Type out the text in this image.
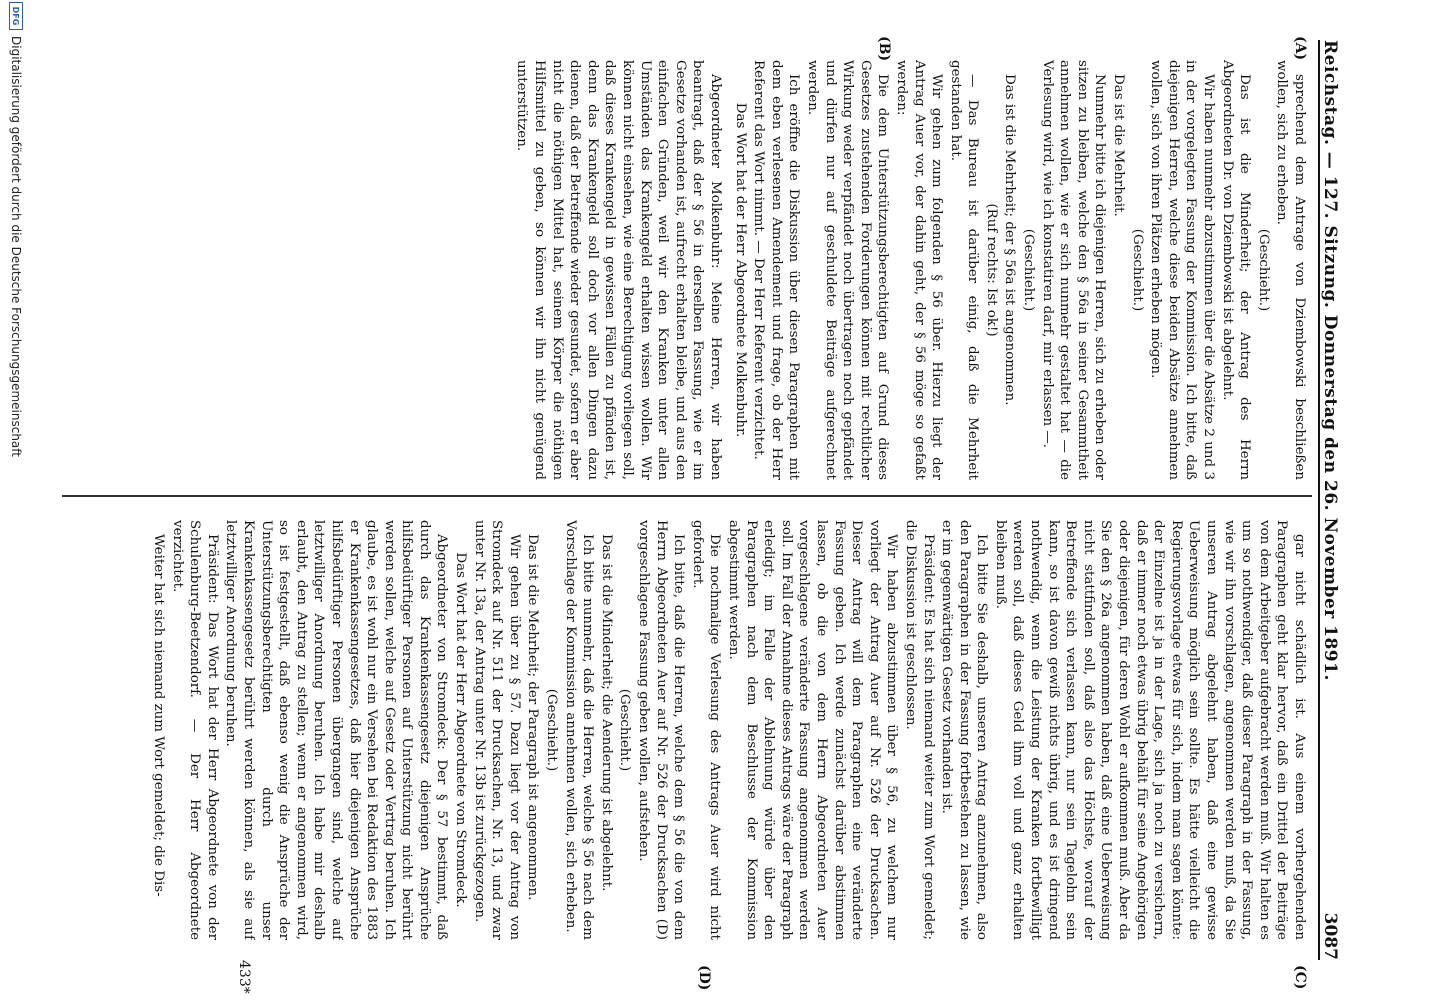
Reichstag. — 127. Sitzung. Donnerstag den 26. November 1891.
3087
(A)
(B)
(C)
(D)

sprechend dem Antrage von Dziembowski beschließen wollen, sich zu erheben.

(Geschieht.)

Das ist die Minderheit; der Antrag des Herrn Abgeordneten Dr. von Dziembowski ist abgelehnt.

Wir haben nunmehr abzustimmen über die Absätze 2 und 3 in der vorgelegten Fassung der Kommission. Ich bitte, daß diejenigen Herren, welche diese beiden Absätze annehmen wollen, sich von ihren Plätzen erheben mögen.

(Geschieht.)

Das ist die Mehrheit.

Nunmehr bitte ich diejenigen Herren, sich zu erheben oder sitzen zu bleiben, welche den § 56a in seiner Gesammtheit annehmen wollen, wie er sich nunmehr gestaltet hat — die Verlesung wird, wie ich konstatiren darf, mir erlassen —.

(Geschieht.)

Das ist die Mehrheit; der § 56a ist angenommen.

(Ruf rechts: Ist ok!)

— Das Bureau ist darüber einig, daß die Mehrheit gestanden hat.

Wir gehen zum folgenden § 56 über. Hierzu liegt der Antrag Auer vor, der dahin geht, der § 56 möge so gefaßt werden:

Die dem Unterstützungsberechtigten auf Grund dieses Gesetzes zustehenden Forderungen können mit rechtlicher Wirkung weder verpfändet noch übertragen noch gepfändet und dürfen nur auf geschuldete Beiträge aufgerechnet werden.

Ich eröffne die Diskussion über diesen Paragraphen mit dem eben verlesenen Amendement und frage, ob der Herr Referent das Wort nimmt. — Der Herr Referent verzichtet.

Das Wort hat der Herr Abgeordnete Molkenbuhr.

Abgeordneter Molkenbuhr: Meine Herren, wir haben beantragt, daß der § 56 in derselben Fassung, wie er im Gesetze vorhanden ist, aufrecht erhalten bleibe, und aus den einfachen Gründen, weil wir den Kranken unter allen Umständen das Krankengeld erhalten wissen wollen. Wir können nicht einsehen, wie eine Berechtigung vorliegen soll, daß dieses Krankengeld in gewissen Fällen zu pfänden ist, denn das Krankengeld soll doch vor allen Dingen dazu dienen, daß der Betreffende wieder gesundet, sofern er aber nicht die nöthigen Mittel hat, seinem Körper die nöthigen Hilfsmittel zu geben, so können wir ihn nicht genügend unterstützen.

gar nicht schädlich ist. Aus einem vorhergehenden Paragraphen geht klar hervor, daß ein Drittel der Beiträge von dem Arbeitgeber aufgebracht werden muß. Wir halten es um so nothwendiger, daß dieser Paragraph in der Fassung, wie wir ihn vorschlagen, angenommen werden muß, da Sie unseren Antrag abgelehnt haben, daß eine gewisse Ueberweisung möglich sein sollte. Es hätte vielleicht die Regierungsvorlage etwas für sich, indem man sagen könnte: der Einzelne ist ja in der Lage, sich ja noch zu versichern, daß er immer noch etwas übrig behält für seine Angehörigen oder diejenigen, für deren Wohl er aufkommen muß. Aber da Sie den § 26a angenommen haben, daß eine Ueberweisung nicht stattfinden soll, daß also das Höchste, worauf der Betreffende sich verlassen kann, nur sein Tagelohn sein kann, so ist davon gewiß nichts übrig, und es ist dringend nothwendig, wenn die Leistung der Kranken fortbewilligt werden soll, daß dieses Geld ihm voll und ganz erhalten bleiben muß.

Ich bitte Sie deshalb, unseren Antrag anzunehmen, also den Paragraphen in der Fassung fortbestehen zu lassen, wie er im gegenwärtigen Gesetz vorhanden ist.

Präsident: Es hat sich niemand weiter zum Wort gemeldet; die Diskussion ist geschlossen.

Wir haben abzustimmen über § 56, zu welchem nur vorliegt der Antrag Auer auf Nr. 526 der Drucksachen. Dieser Antrag will dem Paragraphen eine veränderte Fassung geben. Ich werde zunächst darüber abstimmen lassen, ob die von dem Herrn Abgeordneten Auer vorgeschlagene veränderte Fassung angenommen werden soll. Im Fall der Annahme dieses Antrags wäre der Paragraph erledigt; im Falle der Ablehnung würde über den Paragraphen nach dem Beschlusse der Kommission abgestimmt werden.

Die nochmalige Verlesung des Antrags Auer wird nicht gefordert.

Ich bitte, daß die Herren, welche dem § 56 die von dem Herrn Abgeordneten Auer auf Nr. 526 der Drucksachen (D) vorgeschlagene Fassung geben wollen, aufstehen.

(Geschieht.)

Das ist die Minderheit; die Aenderung ist abgelehnt.

Ich bitte nunmehr, daß die Herren, welche § 56 nach dem Vorschlage der Kommission annehmen wollen, sich erheben.

(Geschieht.)

Das ist die Mehrheit; der Paragraph ist angenommen.

Wir gehen über zu § 57. Dazu liegt vor der Antrag von Stromdeck auf Nr. 511 der Drucksachen, Nr. 13, und zwar unter Nr. 13a, der Antrag unter Nr. 13b ist zurückgezogen.

Das Wort hat der Herr Abgeordnete von Stromdeck.

Abgeordneter von Stromdeck: Der § 57 bestimmt, daß durch das Krankenkassengesetz diejenigen Ansprüche hilfsbedürftiger Personen auf Unterstützung nicht berührt werden sollen, welche auf Gesetz oder Vertrag beruhen. Ich glaube, es ist wohl nur ein Versehen bei Redaktion des 1883 er Krankenkassengesetzes, daß hier diejenigen Ansprüche hilfsbedürftiger Personen übergangen sind, welche auf letztwilliger Anordnung beruhen. Ich habe mir deshalb erlaubt, den Antrag zu stellen; wenn er angenommen wird, so ist festgestellt, daß ebenso wenig die Ansprüche der Unterstützungsberechtigten durch unser Krankenkassengesetz berührt werden können, als sie auf letztwilliger Anordnung beruhen.

Präsident: Das Wort hat der Herr Abgeordnete von der Schulenburg-Beetzendorf. — Der Herr Abgeordnete verzichtet.

Weiter hat sich niemand zum Wort gemeldet; die Dis-

433*
DFG
Digitalisierung gefördert durch die Deutsche Forschungsgemeinschaft
